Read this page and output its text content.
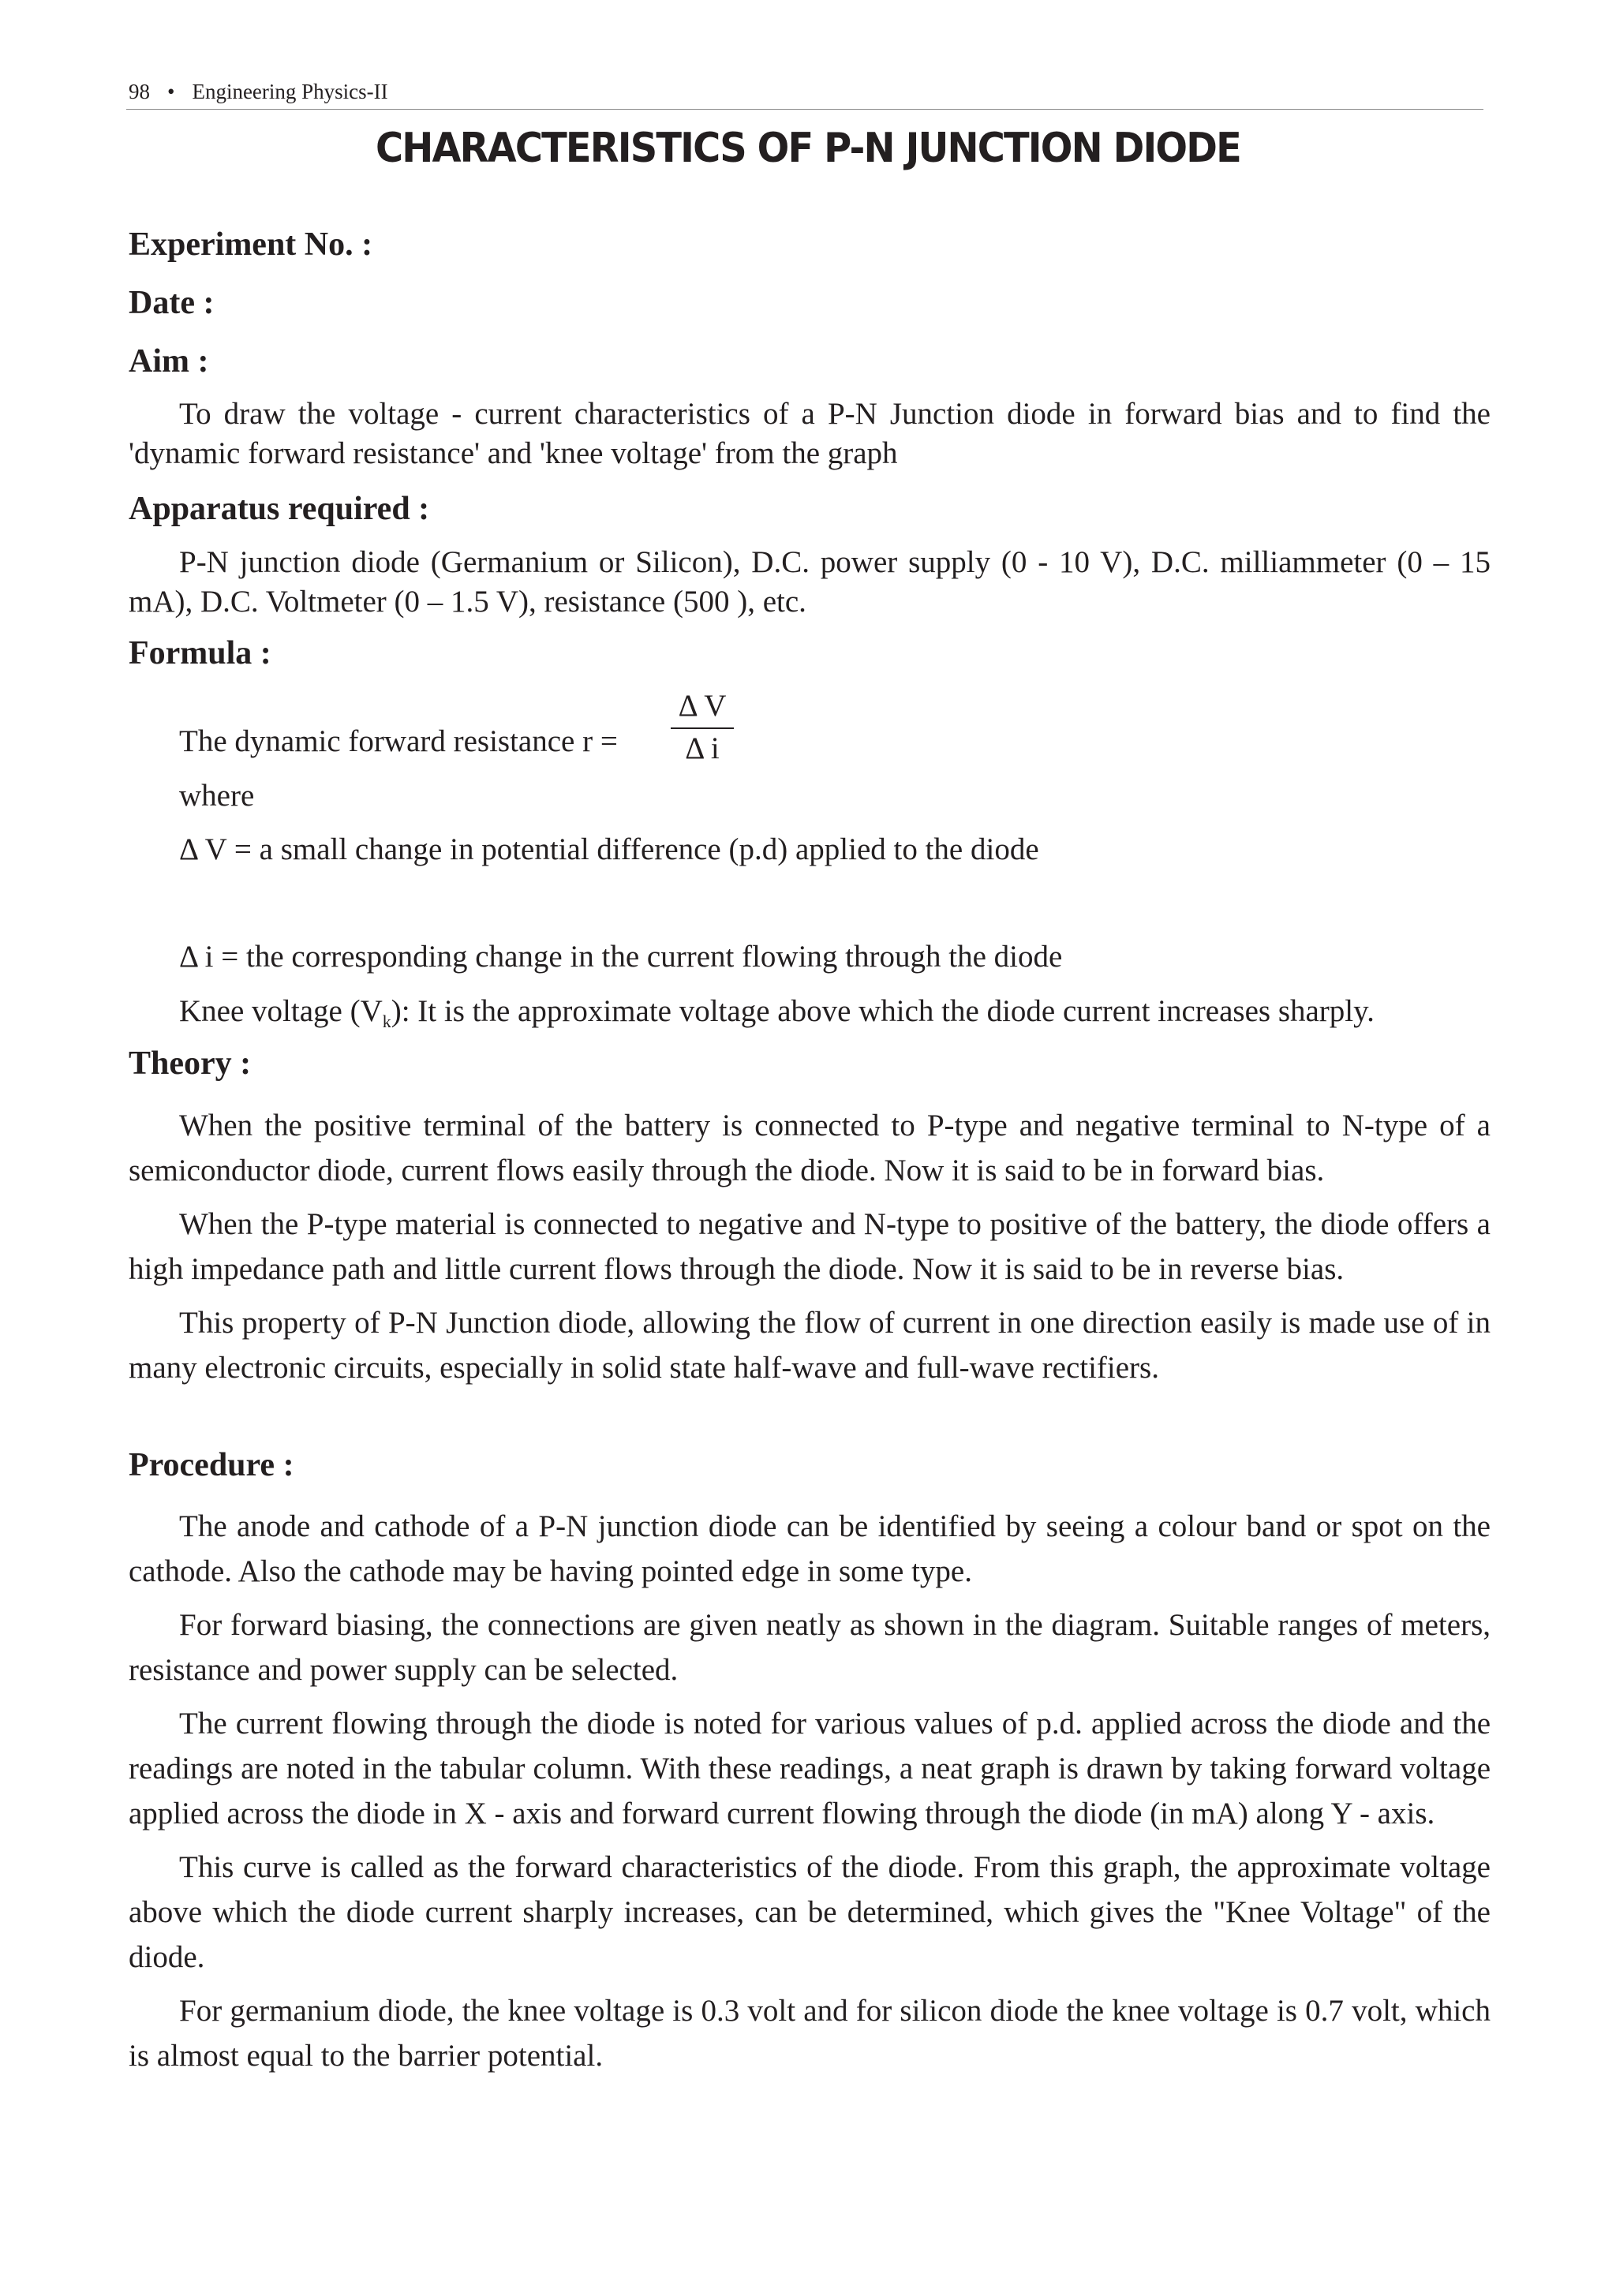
98 • Engineering Physics-II
CHARACTERISTICS OF P-N JUNCTION DIODE
Experiment No. :
Date :
Aim :

To draw the voltage - current characteristics of a P-N Junction diode in forward bias and to find the 'dynamic forward resistance' and 'knee voltage' from the graph

Apparatus required :

P-N junction diode (Germanium or Silicon), D.C. power supply (0 - 10 V), D.C. milliammeter (0 – 15 mA), D.C. Voltmeter (0 – 1.5 V), resistance (500 ), etc.

Formula :
The dynamic forward resistance r =
Δ V
Δ i
where
Δ V = a small change in potential difference (p.d) applied to the diode
Δ i = the corresponding change in the current flowing through the diode
Knee voltage $(V_k)$: It is the approximate voltage above which the diode current increases sharply.
Theory :

When the positive terminal of the battery is connected to P-type and negative terminal to N-type of a semiconductor diode, current flows easily through the diode. Now it is said to be in forward bias.

When the P-type material is connected to negative and N-type to positive of the battery, the diode offers a high impedance path and little current flows through the diode. Now it is said to be in reverse bias.

This property of P-N Junction diode, allowing the flow of current in one direction easily is made use of in many electronic circuits, especially in solid state half-wave and full-wave rectifiers.

Procedure :

The anode and cathode of a P-N junction diode can be identified by seeing a colour band or spot on the cathode. Also the cathode may be having pointed edge in some type.

For forward biasing, the connections are given neatly as shown in the diagram. Suitable ranges of meters, resistance and power supply can be selected.

The current flowing through the diode is noted for various values of p.d. applied across the diode and the readings are noted in the tabular column. With these readings, a neat graph is drawn by taking forward voltage applied across the diode in X - axis and forward current flowing through the diode (in mA) along Y - axis.

This curve is called as the forward characteristics of the diode. From this graph, the approximate voltage above which the diode current sharply increases, can be determined, which gives the "Knee Voltage" of the diode.

For germanium diode, the knee voltage is 0.3 volt and for silicon diode the knee voltage is 0.7 volt, which is almost equal to the barrier potential.
